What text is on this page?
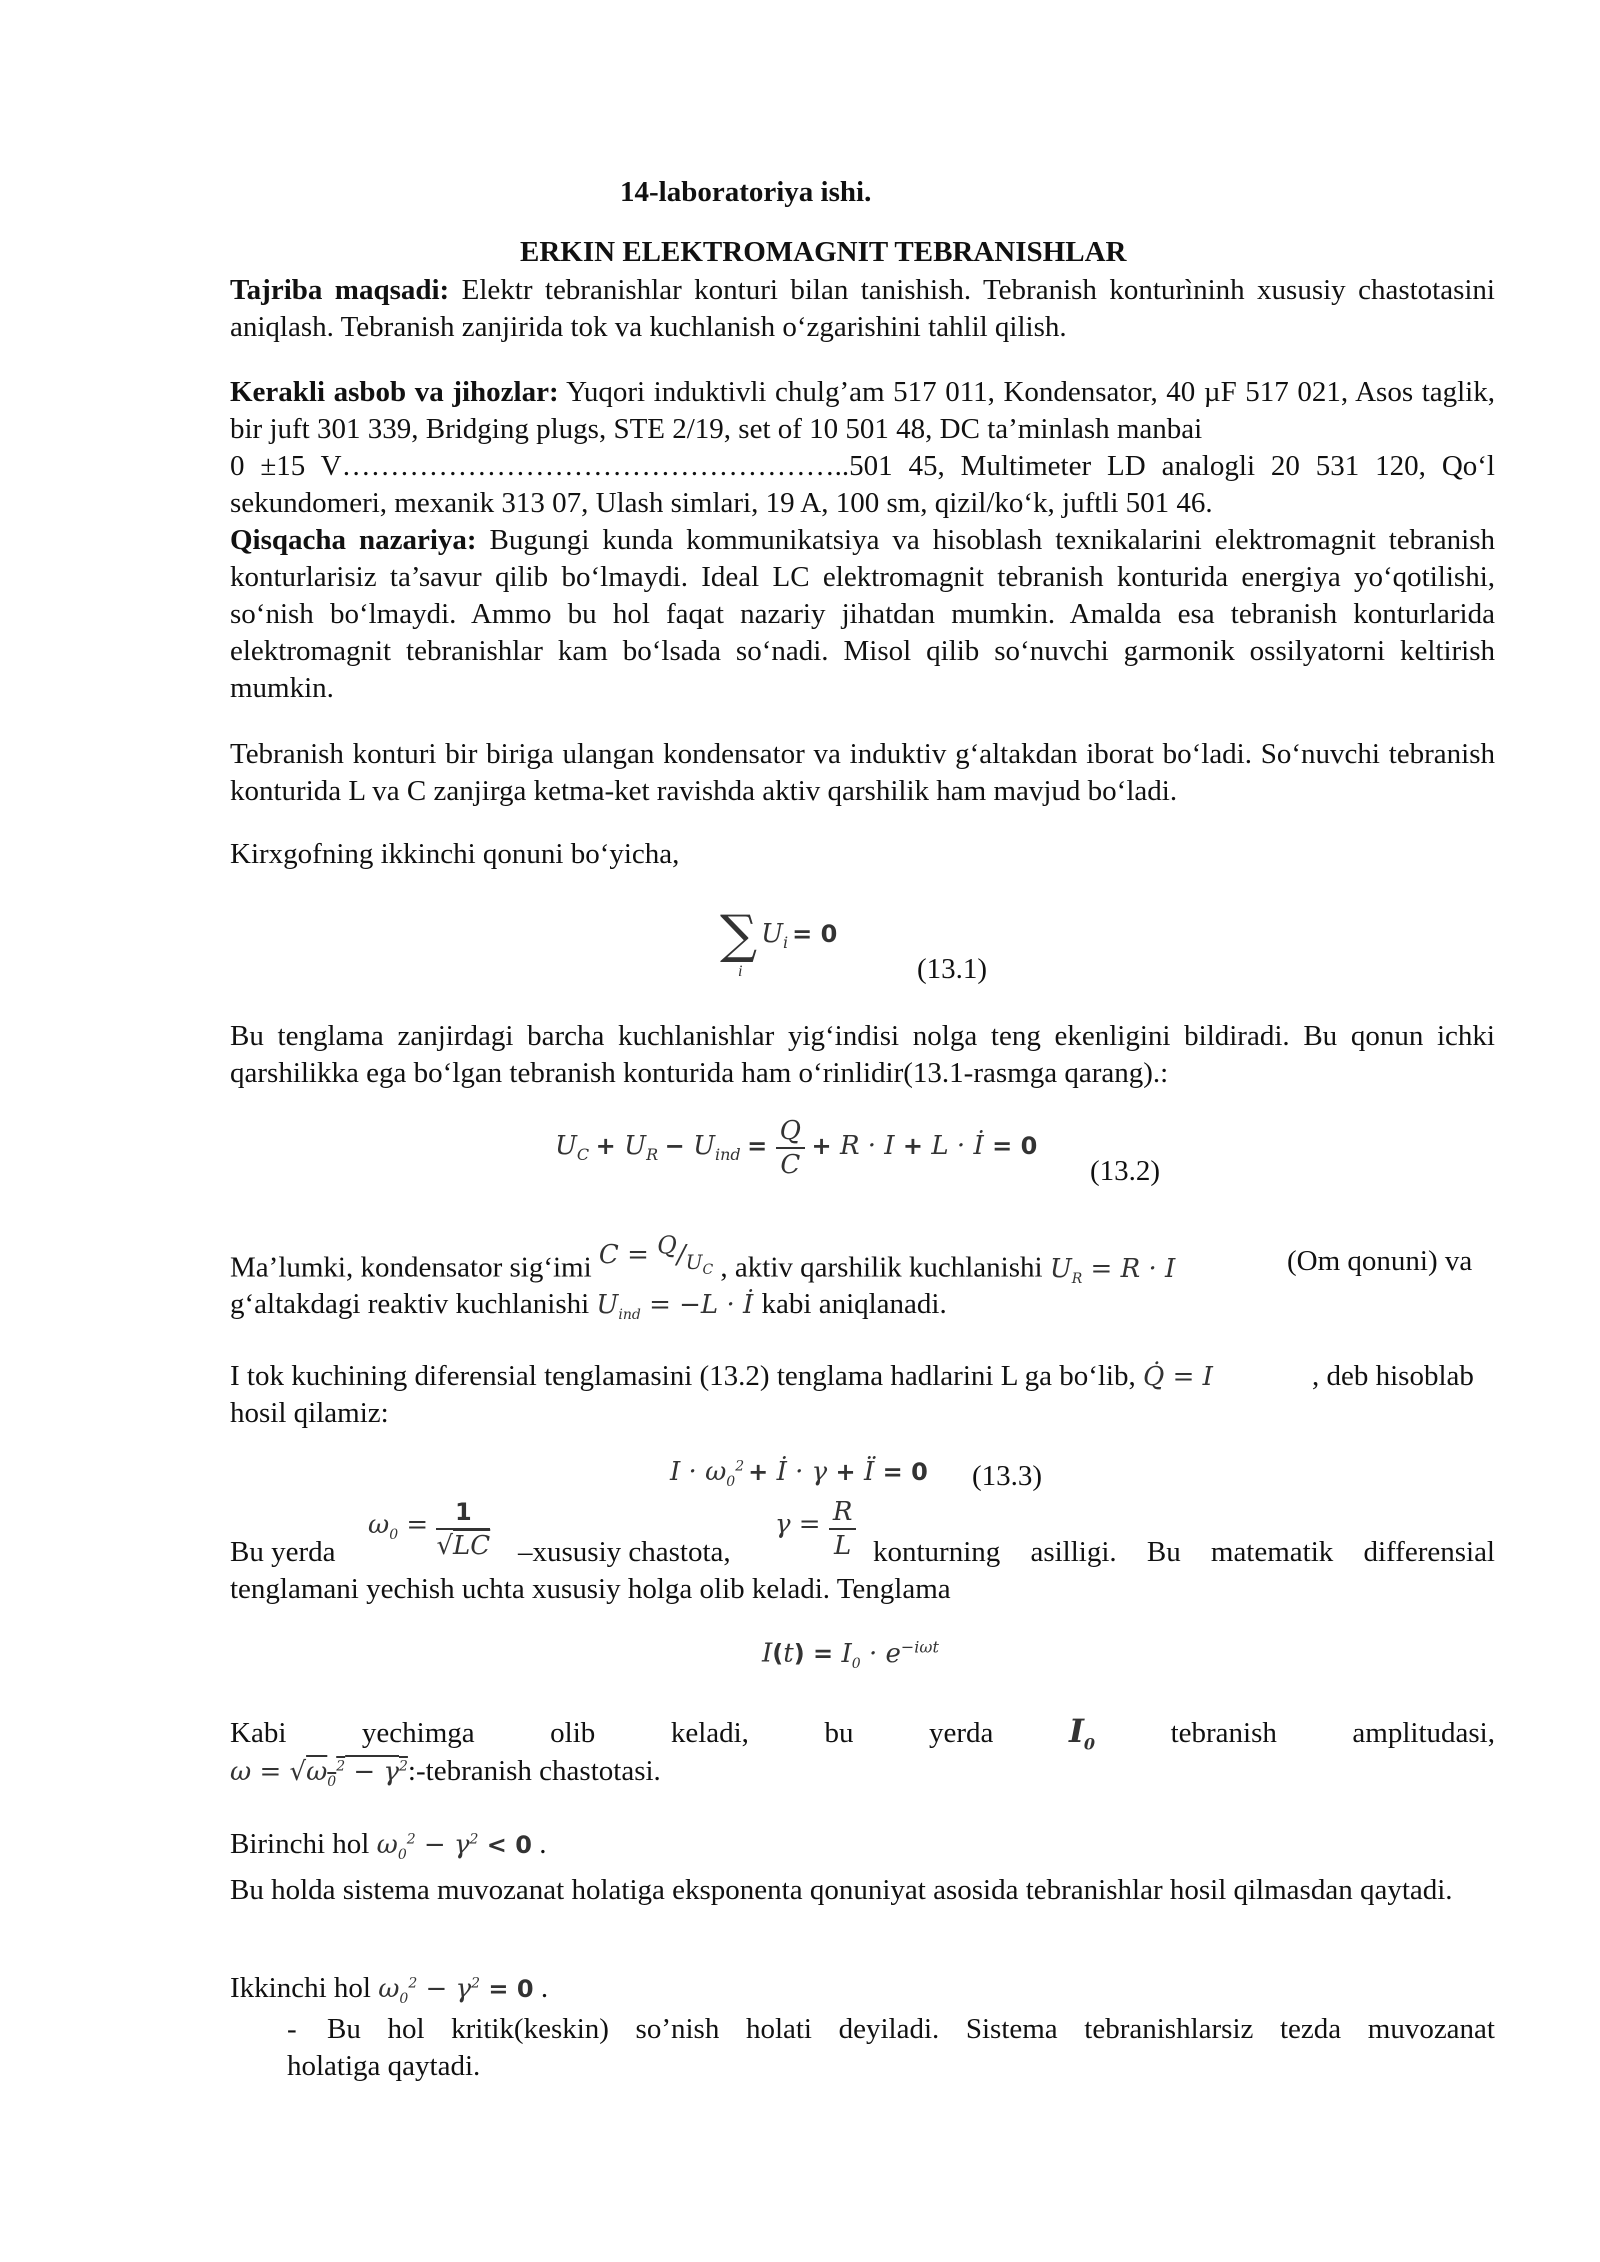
14-laboratoriya ishi.
ERKIN ELEKTROMAGNIT TEBRANISHLAR

Tajriba maqsadi: Elektr tebranishlar konturi bilan tanishish. Tebranish konturìninh xususiy chastotasini aniqlash. Tebranish zanjirida tok va kuchlanish o‘zgarishini tahlil qilish.

Kerakli asbob va jihozlar: Yuqori induktivli chulg’am 517 011, Kondensator, 40 µF 517 021, Asos taglik, bir juft 301 339, Bridging plugs, STE 2/19, set of 10 501 48, DC ta’minlash manbai

0 ±15 V……………………………………………..501 45, Multimeter LD analogli 20 531 120, Qo‘l sekundomeri, mexanik 313 07, Ulash simlari, 19 A, 100 sm, qizil/ko‘k, juftli 501 46.

Qisqacha nazariya: Bugungi kunda kommunikatsiya va hisoblash texnikalarini elektromagnit tebranish konturlarisiz ta’savur qilib bo‘lmaydi. Ideal LC elektromagnit tebranish konturida energiya yo‘qotilishi, so‘nish bo‘lmaydi. Ammo bu hol faqat nazariy jihatdan mumkin. Amalda esa tebranish konturlarida elektromagnit tebranishlar kam bo‘lsada so‘nadi. Misol qilib so‘nuvchi garmonik ossilyatorni keltirish mumkin.

Tebranish konturi bir biriga ulangan kondensator va induktiv g‘altakdan iborat bo‘ladi. So‘nuvchi tebranish konturida L va C zanjirga ketma-ket ravishda aktiv qarshilik ham mavjud bo‘ladi.

Kirxgofning ikkinchi qonuni bo‘yicha,
∑ $U_i = 0$
i	(13.1)

Bu tenglama zanjirdagi barcha kuchlanishlar yig‘indisi nolga teng ekenligini bildiradi. Bu qonun ichki qarshilikka ega bo‘lgan tebranish konturida ham o‘rinlidir(13.1-rasmga qarang).:

$U_C + U_R - U_{ind} = \frac{Q}{C} + R \cdot I + L$ · İ = 0
(13.2)
Ma’lumki, kondensator sig‘imi $C = ^Q/_{U_C}$ , aktiv qarshilik kuchlanishi $U_R = R \cdot I$	(Om qonuni) va
g‘altakdagi reaktiv kuchlanishi $U_{ind} = -L$ · İ kabi aniqlanadi.
I tok kuchining diferensial tenglamasini (13.2) tenglama hadlarini L ga bo‘lib, Q̇ = I	, deb hisoblab
hosil qilamiz:
$I \cdot \omega_0^2$ + İ · γ + Ï = 0 (13.3)
Bu yerda
$\omega_0 = \frac{1}{√LC}$ –xususiy chastota,
$\gamma = \frac{R}{L}$ konturning asilligi. Bu matematik differensial
tenglamani yechish uchta xususiy holga olib keladi. Tenglama
$I(t) = I_0 \cdot e^{-i\omega t}$
Kabi	yechimga	olib	keladi,	bu	yerda $I_0$	tebranish	amplitudasi,
$\omega = √\omega_0^2$ − $\gamma^2$:-tebranish chastotasi.
Birinchi hol $\omega_0^2 - \gamma^2 < 0$ .

Bu holda sistema muvozanat holatiga eksponenta qonuniyat asosida tebranishlar hosil qilmasdan qaytadi.

Ikkinchi hol $\omega_0^2 - \gamma^2 = 0$ .
- Bu hol kritik(keskin) so’nish holati deyiladi. Sistema tebranishlarsiz tezda muvozanat
holatiga qaytadi.
